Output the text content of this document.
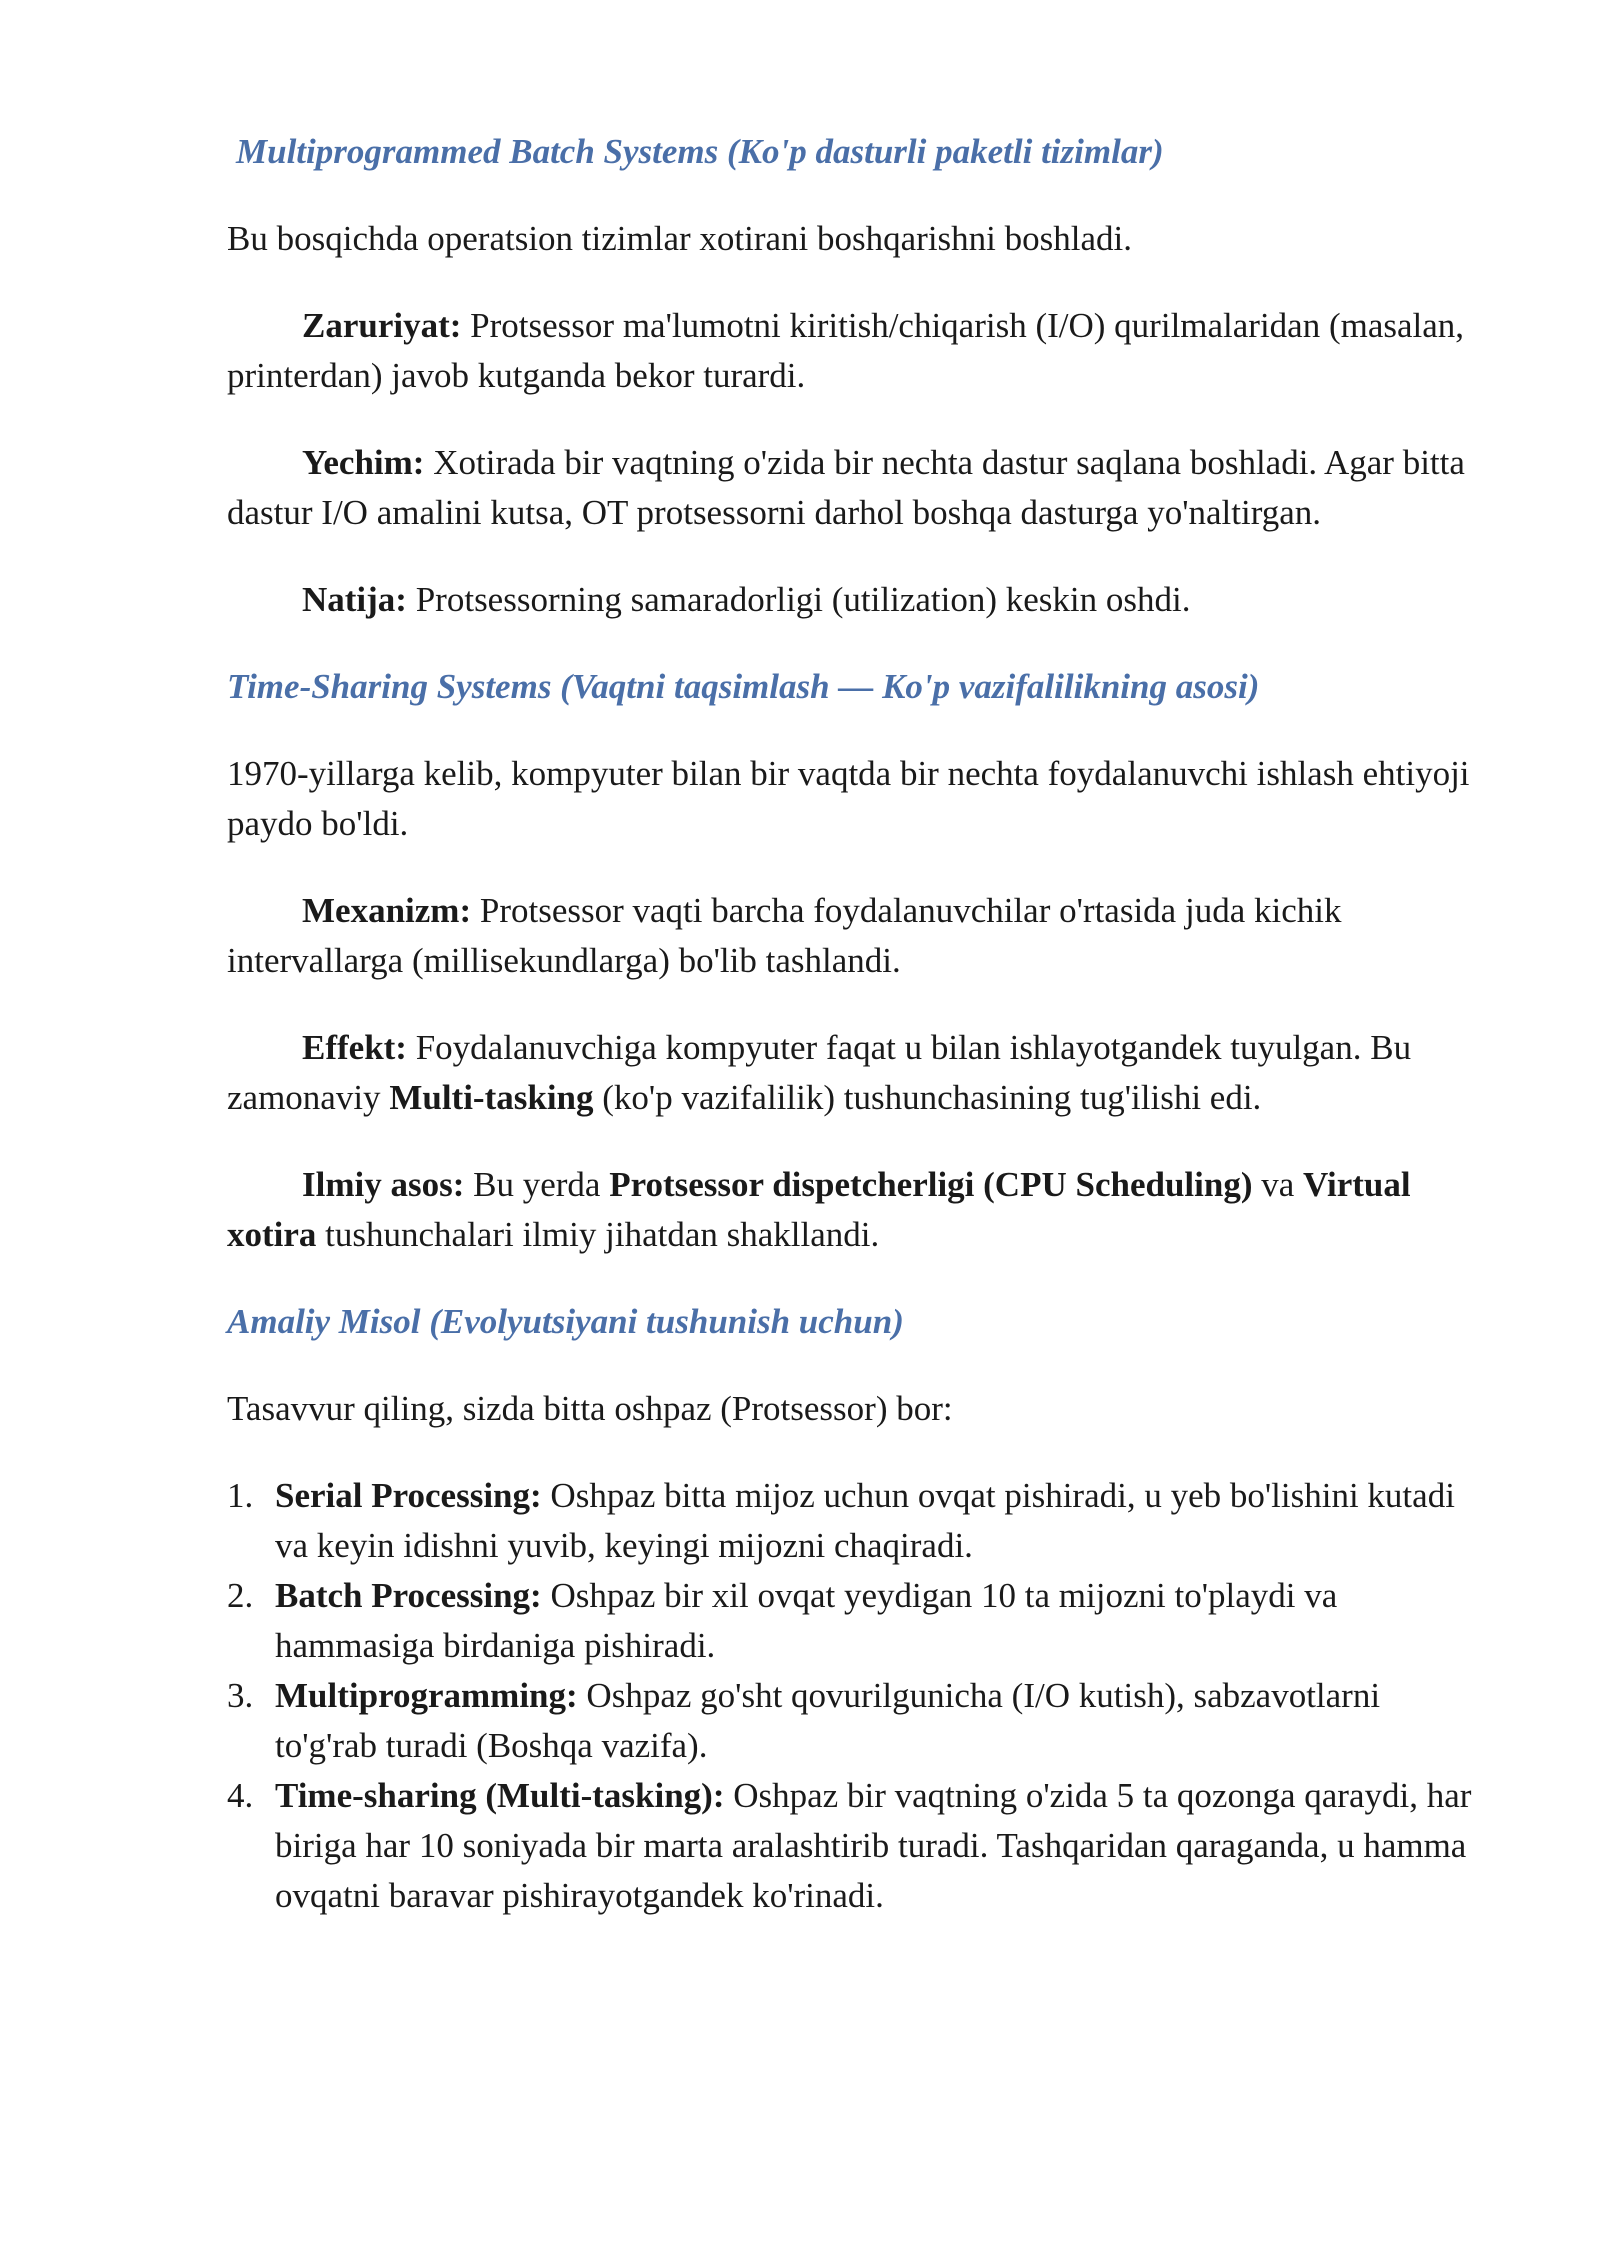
Multiprogrammed Batch Systems (Ko'p dasturli paketli tizimlar)

Bu bosqichda operatsion tizimlar xotirani boshqarishni boshladi.

Zaruriyat: Protsessor ma'lumotni kiritish/chiqarish (I/O) qurilmalaridan (masalan, printerdan) javob kutganda bekor turardi.

Yechim: Xotirada bir vaqtning o'zida bir nechta dastur saqlana boshladi. Agar bitta dastur I/O amalini kutsa, OT protsessorni darhol boshqa dasturga yo'naltirgan.

Natija: Protsessorning samaradorligi (utilization) keskin oshdi.

Time-Sharing Systems (Vaqtni taqsimlash — Ko'p vazifalilikning asosi)

1970-yillarga kelib, kompyuter bilan bir vaqtda bir nechta foydalanuvchi ishlash ehtiyoji paydo bo'ldi.

Mexanizm: Protsessor vaqti barcha foydalanuvchilar o'rtasida juda kichik intervallarga (millisekundlarga) bo'lib tashlandi.

Effekt: Foydalanuvchiga kompyuter faqat u bilan ishlayotgandek tuyulgan. Bu zamonaviy Multi-tasking (ko'p vazifalilik) tushunchasining tug'ilishi edi.

Ilmiy asos: Bu yerda Protsessor dispetcherligi (CPU Scheduling) va Virtual xotira tushunchalari ilmiy jihatdan shakllandi.

Amaliy Misol (Evolyutsiyani tushunish uchun)

Tasavvur qiling, sizda bitta oshpaz (Protsessor) bor:

1. Serial Processing: Oshpaz bitta mijoz uchun ovqat pishiradi, u yeb bo'lishini kutadi va keyin idishni yuvib, keyingi mijozni chaqiradi.
2. Batch Processing: Oshpaz bir xil ovqat yeydigan 10 ta mijozni to'playdi va hammasiga birdaniga pishiradi.
3. Multiprogramming: Oshpaz go'sht qovurilgunicha (I/O kutish), sabzavotlarni to'g'rab turadi (Boshqa vazifa).
4. Time-sharing (Multi-tasking): Oshpaz bir vaqtning o'zida 5 ta qozonga qaraydi, har biriga har 10 soniyada bir marta aralashtirib turadi. Tashqaridan qaraganda, u hamma ovqatni baravar pishirayotgandek ko'rinadi.
